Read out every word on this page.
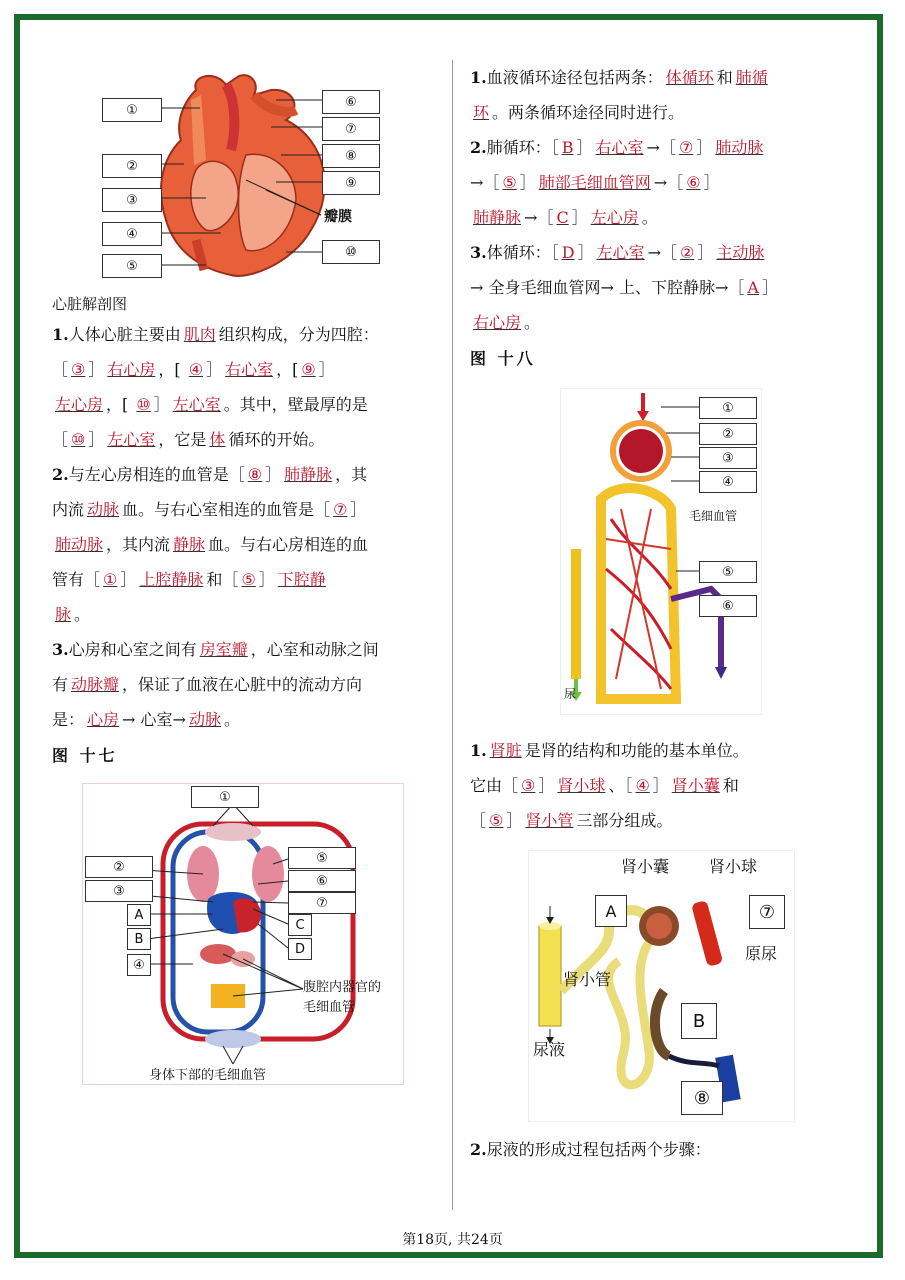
①
②
③
④
⑤
⑥
⑦
⑧
⑨
瓣膜
⑩
心脏解剖图
1.人体心脏主要由 肌肉 组织构成，分为四腔：
［ ③ ］ 右心房 ，[ ④ ］ 右心室 ，[ ⑨ ］
左心房 ，[ ⑩ ］ 左心室 。其中，壁最厚的是
［ ⑩ ］ 左心室 ，它是 体 循环的开始。
2.与左心房相连的血管是［ ⑧ ］ 肺静脉 ，其
内流 动脉 血。与右心室相连的血管是［ ⑦ ］
肺动脉 ，其内流 静脉 血。与右心房相连的血
管有［ ① ］ 上腔静脉 和［ ⑤ ］ 下腔静
脉 。
3.心房和心室之间有 房室瓣 ，心室和动脉之间
有 动脉瓣 ，保证了血液在心脏中的流动方向
是： 心房 → 心室→ 动脉 。
图 十七
①
②
③
A
B
④
⑤
⑥
⑦
C
D
腹腔内器官的
毛细血管
身体下部的毛细血管
1.血液循环途径包括两条： 体循环 和 肺循
环 。两条循环途径同时进行。
2.肺循环：［ B ］ 右心室 →［ ⑦ ］ 肺动脉
→［ ⑤ ］ 肺部毛细血管网 →［ ⑥ ］
肺静脉 →［ C ］ 左心房 。
3.体循环：［ D ］ 左心室 →［ ② ］ 主动脉
→ 全身毛细血管网→ 上、下腔静脉→［ A ］
右心房 。
图 十八
①
②
③
④
毛细血管
⑤
⑥
尿
1. 肾脏 是肾的结构和功能的基本单位。
它由［ ③ ］ 肾小球 、［ ④ ］ 肾小囊 和
［ ⑤ ］ 肾小管 三部分组成。
肾小囊 肾小球
A	⑦
原尿
肾小管
B
尿液
⑧
2.尿液的形成过程包括两个步骤：
第18页, 共24页
